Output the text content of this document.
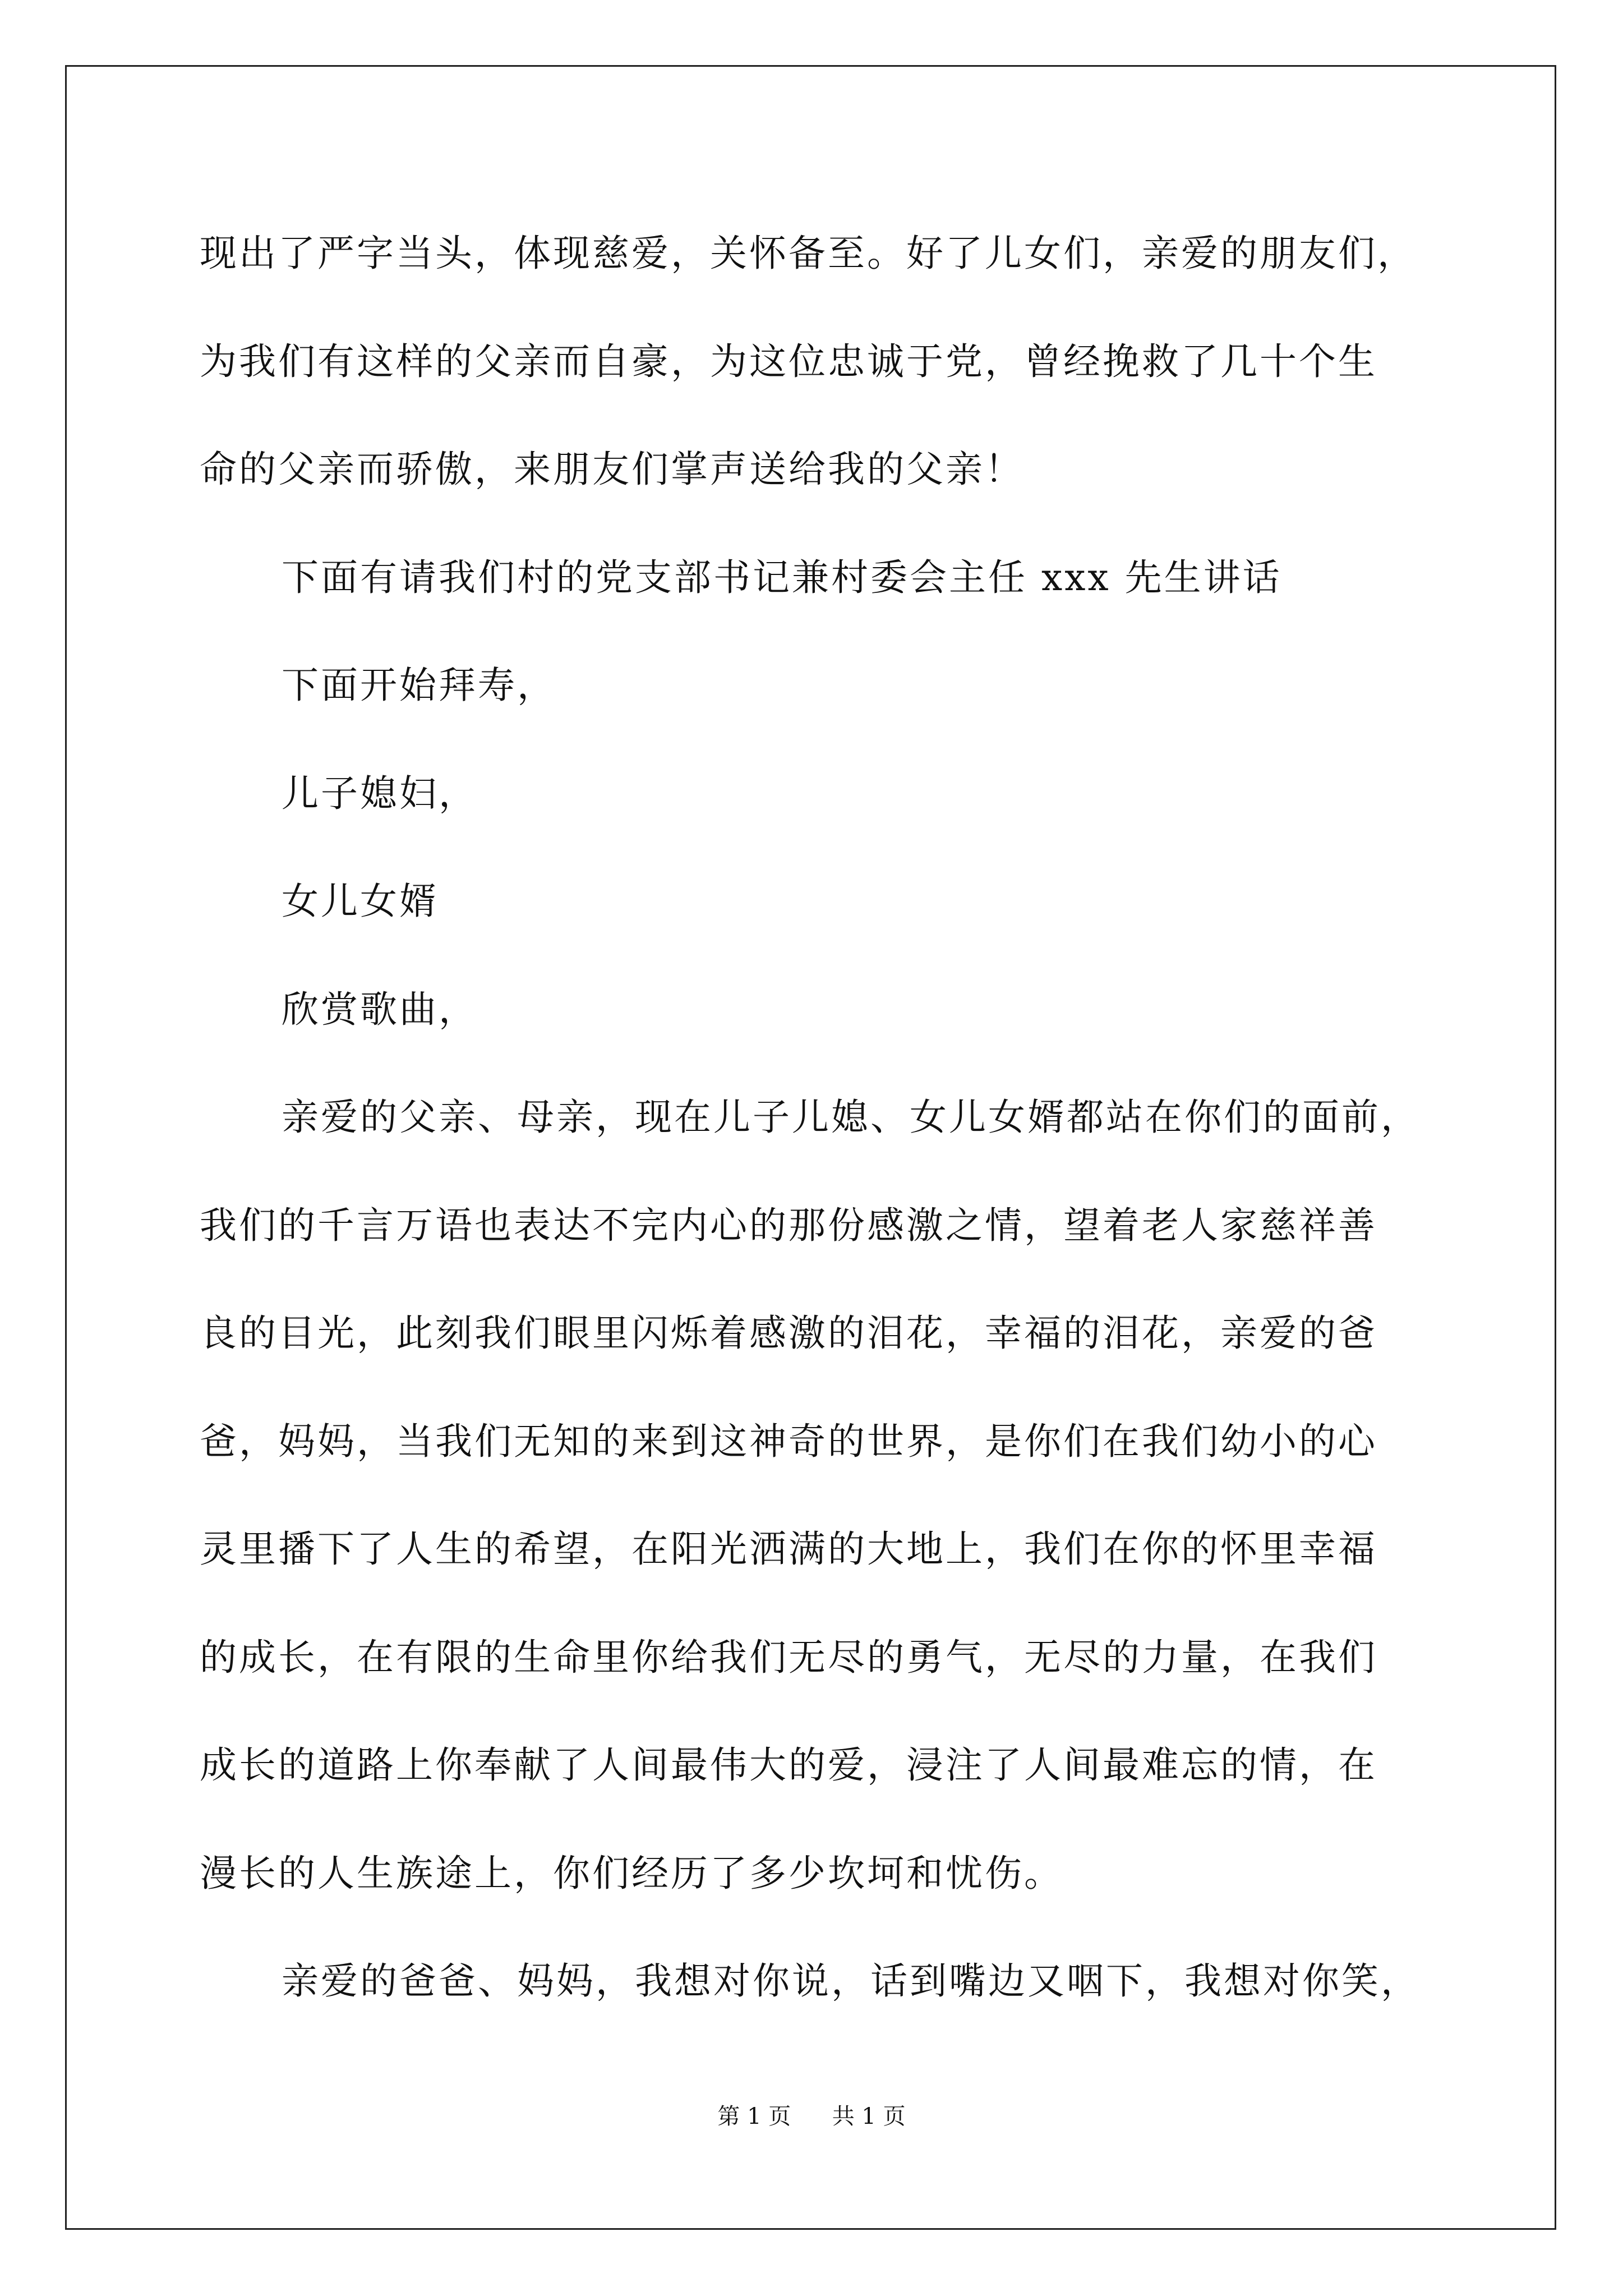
现出了严字当头，体现慈爱，关怀备至。好了儿女们，亲爱的朋友们，
为我们有这样的父亲而自豪，为这位忠诚于党，曾经挽救了几十个生
命的父亲而骄傲，来朋友们掌声送给我的父亲！

下面有请我们村的党支部书记兼村委会主任 xxx 先生讲话

下面开始拜寿，

儿子媳妇，

女儿女婿

欣赏歌曲，

亲爱的父亲、母亲，现在儿子儿媳、女儿女婿都站在你们的面前，
我们的千言万语也表达不完内心的那份感激之情，望着老人家慈祥善
良的目光，此刻我们眼里闪烁着感激的泪花，幸福的泪花，亲爱的爸
爸，妈妈，当我们无知的来到这神奇的世界，是你们在我们幼小的心
灵里播下了人生的希望，在阳光洒满的大地上，我们在你的怀里幸福
的成长，在有限的生命里你给我们无尽的勇气，无尽的力量，在我们
成长的道路上你奉献了人间最伟大的爱，浸注了人间最难忘的情，在
漫长的人生族途上，你们经历了多少坎坷和忧伤。

亲爱的爸爸、妈妈，我想对你说，话到嘴边又咽下，我想对你笑，

第 1 页 共 1 页
